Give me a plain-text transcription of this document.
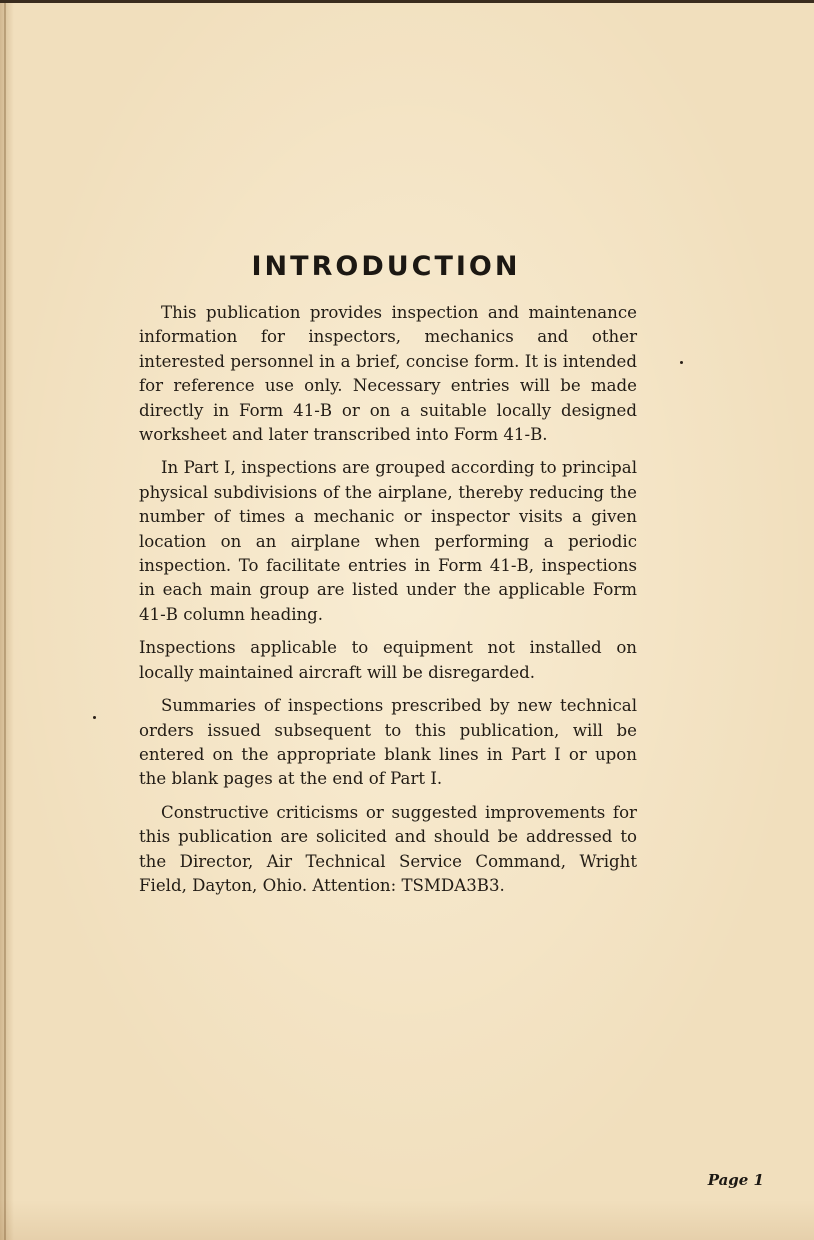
INTRODUCTION

This publication provides inspection and maintenance information for inspectors, mechanics and other interested personnel in a brief, concise form. It is intended for reference use only. Necessary entries will be made directly in Form 41-B or on a suitable locally designed worksheet and later transcribed into Form 41-B.

In Part I, inspections are grouped according to principal physical subdivisions of the airplane, thereby reducing the number of times a mechanic or inspector visits a given location on an airplane when performing a periodic inspection. To facilitate entries in Form 41-B, inspections in each main group are listed under the applicable Form 41-B column heading.

Inspections applicable to equipment not installed on locally maintained aircraft will be disregarded.

Summaries of inspections prescribed by new technical orders issued subsequent to this publication, will be entered on the appropriate blank lines in Part I or upon the blank pages at the end of Part I.

Constructive criticisms or suggested improvements for this publication are solicited and should be addressed to the Director, Air Technical Service Command, Wright Field, Dayton, Ohio. Attention: TSMDA3B3.

Page 1
